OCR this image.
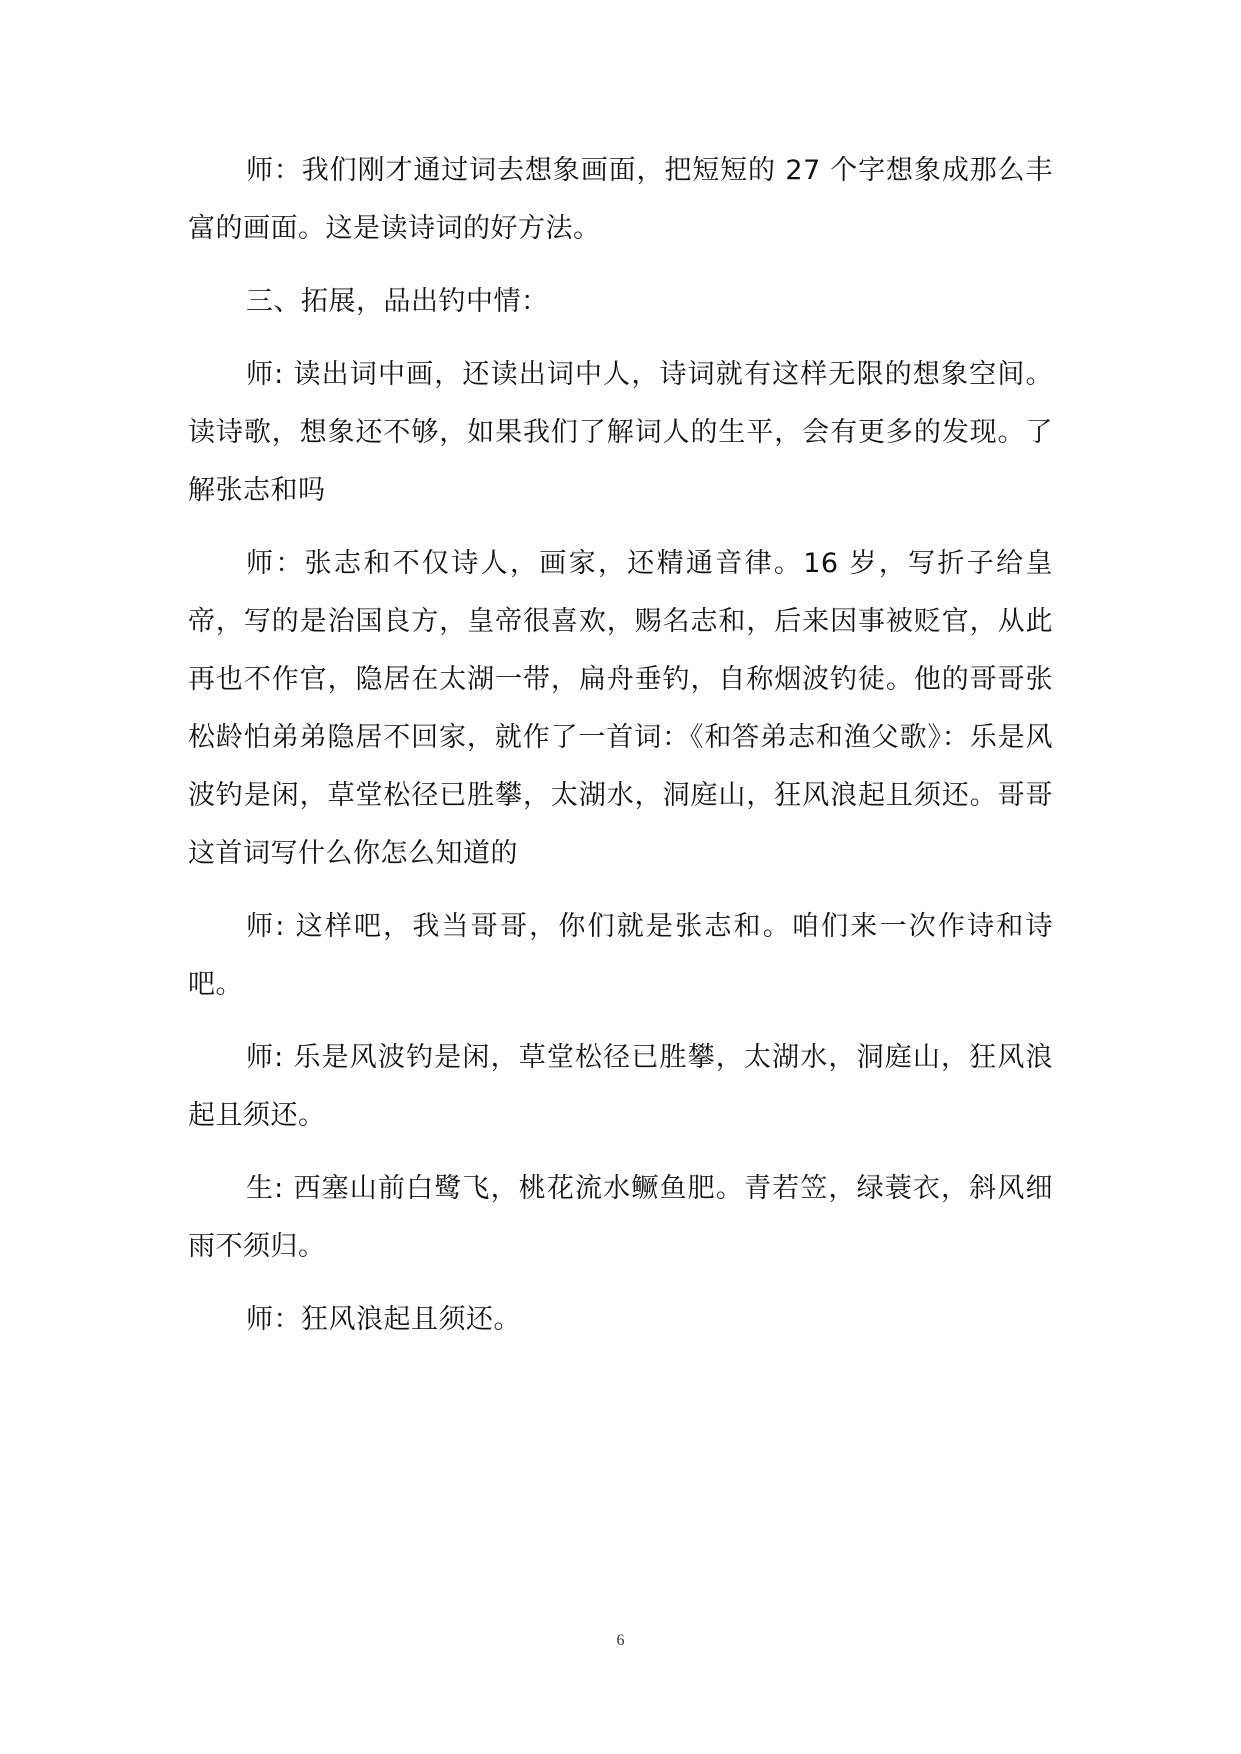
师：我们刚才通过词去想象画面，把短短的 27 个字想象成那么丰富的画面。这是读诗词的好方法。

三、拓展，品出钓中情：

师: 读出词中画，还读出词中人，诗词就有这样无限的想象空间。读诗歌，想象还不够，如果我们了解词人的生平，会有更多的发现。了解张志和吗

师：张志和不仅诗人，画家，还精通音律。16 岁，写折子给皇帝，写的是治国良方，皇帝很喜欢，赐名志和，后来因事被贬官，从此再也不作官，隐居在太湖一带，扁舟垂钓，自称烟波钓徒。他的哥哥张松龄怕弟弟隐居不回家，就作了一首词：《和答弟志和渔父歌》：乐是风波钓是闲，草堂松径已胜攀，太湖水，洞庭山，狂风浪起且须还。哥哥这首词写什么你怎么知道的

师: 这样吧，我当哥哥，你们就是张志和。咱们来一次作诗和诗吧。

师: 乐是风波钓是闲，草堂松径已胜攀，太湖水，洞庭山，狂风浪起且须还。

生: 西塞山前白鹭飞，桃花流水鳜鱼肥。青若笠，绿蓑衣，斜风细雨不须归。

师：狂风浪起且须还。

6
